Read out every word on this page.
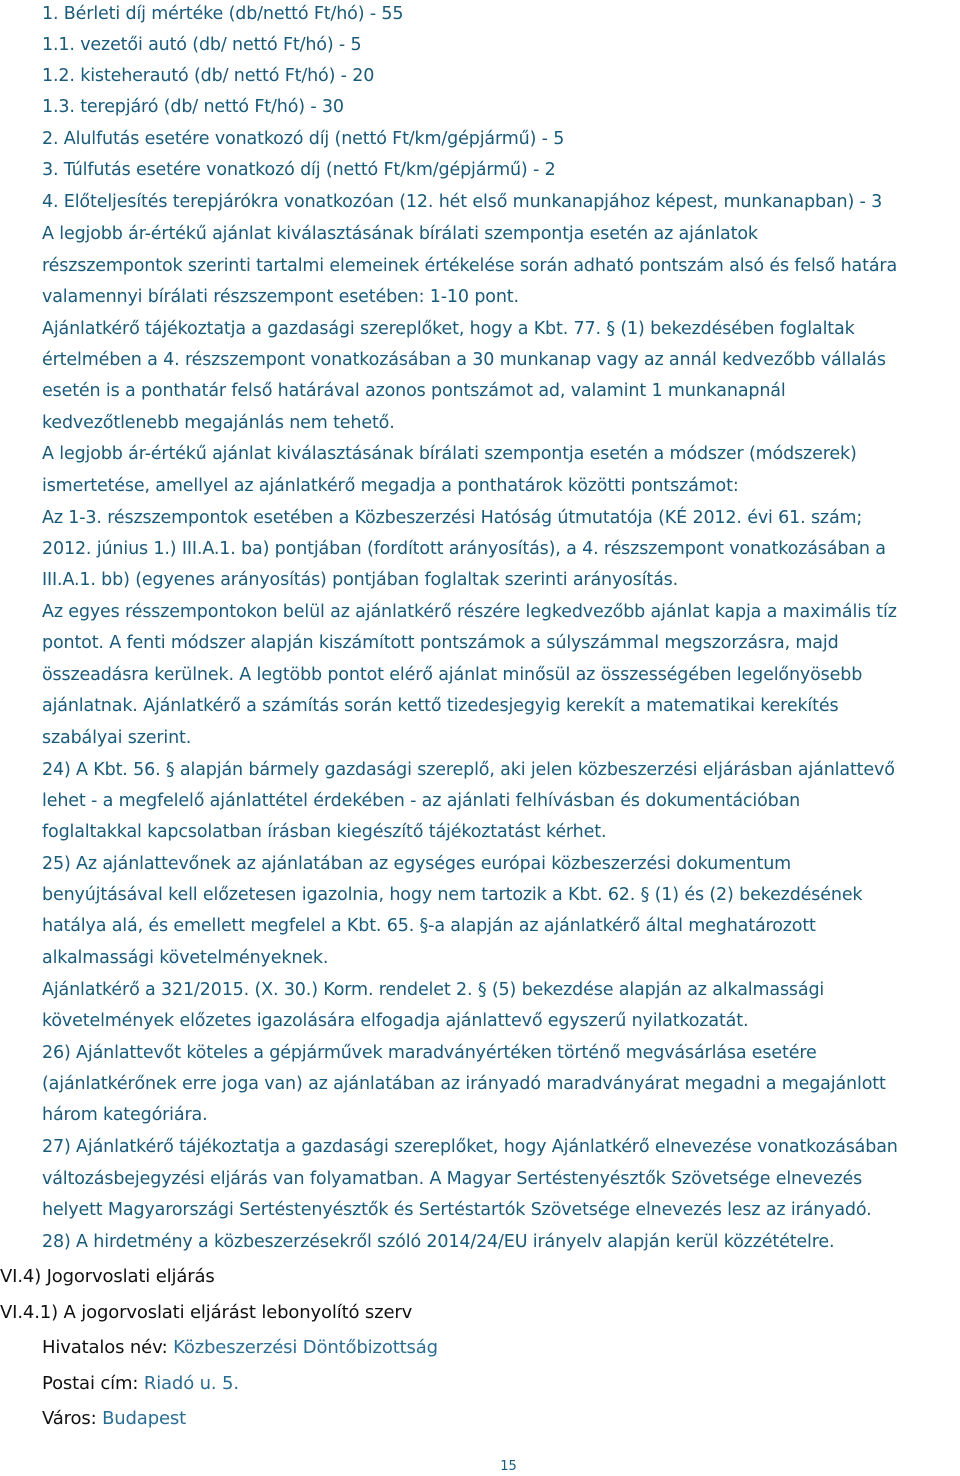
1. Bérleti díj mértéke (db/nettó Ft/hó) - 55
1.1. vezetői autó (db/ nettó Ft/hó) - 5
1.2. kisteherautó (db/ nettó Ft/hó) - 20
1.3. terepjáró (db/ nettó Ft/hó) - 30
2. Alulfutás esetére vonatkozó díj (nettó Ft/km/gépjármű) - 5
3. Túlfutás esetére vonatkozó díj (nettó Ft/km/gépjármű) - 2
4. Előteljesítés terepjárókra vonatkozóan (12. hét első munkanapjához képest, munkanapban) - 3
A legjobb ár-értékű ajánlat kiválasztásának bírálati szempontja esetén az ajánlatok
részszempontok szerinti tartalmi elemeinek értékelése során adható pontszám alsó és felső határa
valamennyi bírálati részszempont esetében: 1-10 pont.
Ajánlatkérő tájékoztatja a gazdasági szereplőket, hogy a Kbt. 77. § (1) bekezdésében foglaltak
értelmében a 4. részszempont vonatkozásában a 30 munkanap vagy az annál kedvezőbb vállalás
esetén is a ponthatár felső határával azonos pontszámot ad, valamint 1 munkanapnál
kedvezőtlenebb megajánlás nem tehető.
A legjobb ár-értékű ajánlat kiválasztásának bírálati szempontja esetén a módszer (módszerek)
ismertetése, amellyel az ajánlatkérő megadja a ponthatárok közötti pontszámot:
Az 1-3. részszempontok esetében a Közbeszerzési Hatóság útmutatója (KÉ 2012. évi 61. szám;
2012. június 1.) III.A.1. ba) pontjában (fordított arányosítás), a 4. részszempont vonatkozásában a
III.A.1. bb) (egyenes arányosítás) pontjában foglaltak szerinti arányosítás.
Az egyes résszempontokon belül az ajánlatkérő részére legkedvezőbb ajánlat kapja a maximális tíz
pontot. A fenti módszer alapján kiszámított pontszámok a súlyszámmal megszorzásra, majd
összeadásra kerülnek. A legtöbb pontot elérő ajánlat minősül az összességében legelőnyösebb
ajánlatnak. Ajánlatkérő a számítás során kettő tizedesjegyig kerekít a matematikai kerekítés
szabályai szerint.
24) A Kbt. 56. § alapján bármely gazdasági szereplő, aki jelen közbeszerzési eljárásban ajánlattevő
lehet - a megfelelő ajánlattétel érdekében - az ajánlati felhívásban és dokumentációban
foglaltakkal kapcsolatban írásban kiegészítő tájékoztatást kérhet.
25) Az ajánlattevőnek az ajánlatában az egységes európai közbeszerzési dokumentum
benyújtásával kell előzetesen igazolnia, hogy nem tartozik a Kbt. 62. § (1) és (2) bekezdésének
hatálya alá, és emellett megfelel a Kbt. 65. §-a alapján az ajánlatkérő által meghatározott
alkalmassági követelményeknek.
Ajánlatkérő a 321/2015. (X. 30.) Korm. rendelet 2. § (5) bekezdése alapján az alkalmassági
követelmények előzetes igazolására elfogadja ajánlattevő egyszerű nyilatkozatát.
26) Ajánlattevőt köteles a gépjárművek maradványértéken történő megvásárlása esetére
(ajánlatkérőnek erre joga van) az ajánlatában az irányadó maradványárat megadni a megajánlott
három kategóriára.
27) Ajánlatkérő tájékoztatja a gazdasági szereplőket, hogy Ajánlatkérő elnevezése vonatkozásában
változásbejegyzési eljárás van folyamatban. A Magyar Sertéstenyésztők Szövetsége elnevezés
helyett Magyarországi Sertéstenyésztők és Sertéstartók Szövetsége elnevezés lesz az irányadó.
28) A hirdetmény a közbeszerzésekről szóló 2014/24/EU irányelv alapján kerül közzétételre.
VI.4) Jogorvoslati eljárás
VI.4.1) A jogorvoslati eljárást lebonyolító szerv
Hivatalos név: Közbeszerzési Döntőbizottság
Postai cím: Riadó u. 5.
Város: Budapest
15
